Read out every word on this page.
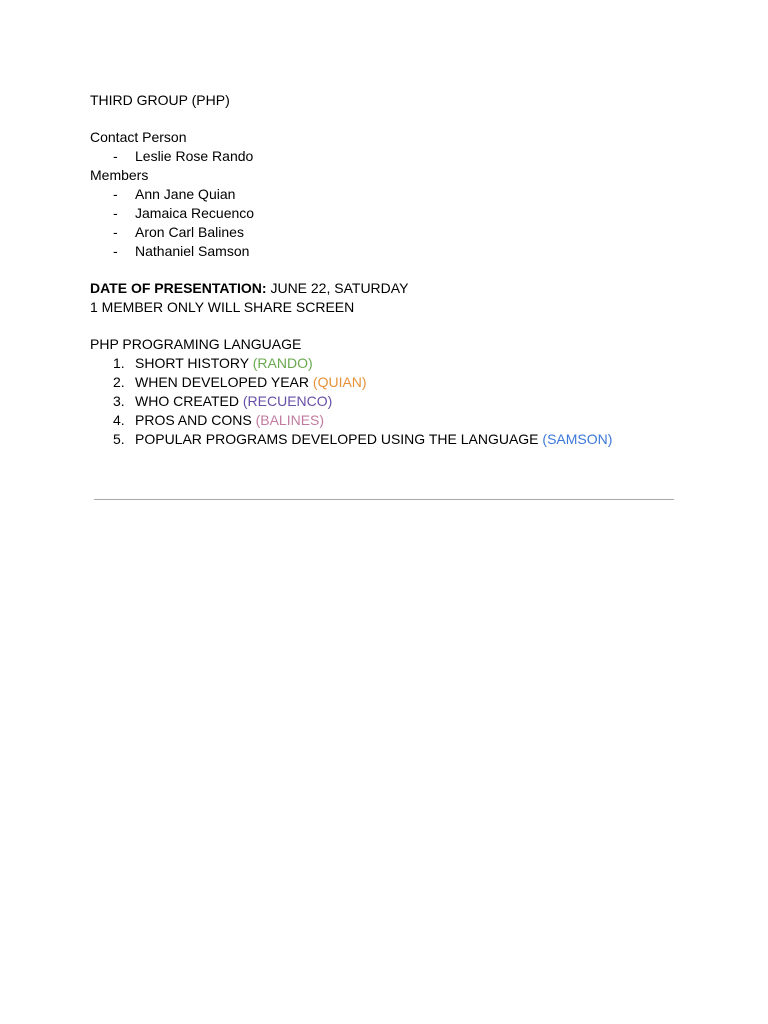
THIRD GROUP (PHP)
Contact Person
-	Leslie Rose Rando
Members
-	Ann Jane Quian
-	Jamaica Recuenco
-	Aron Carl Balines
-	Nathaniel Samson
DATE OF PRESENTATION: JUNE 22, SATURDAY
1 MEMBER ONLY WILL SHARE SCREEN
PHP PROGRAMING LANGUAGE
1. SHORT HISTORY (RANDO)
2. WHEN DEVELOPED YEAR (QUIAN)
3. WHO CREATED (RECUENCO)
4. PROS AND CONS (BALINES)
5. POPULAR PROGRAMS DEVELOPED USING THE LANGUAGE (SAMSON)
